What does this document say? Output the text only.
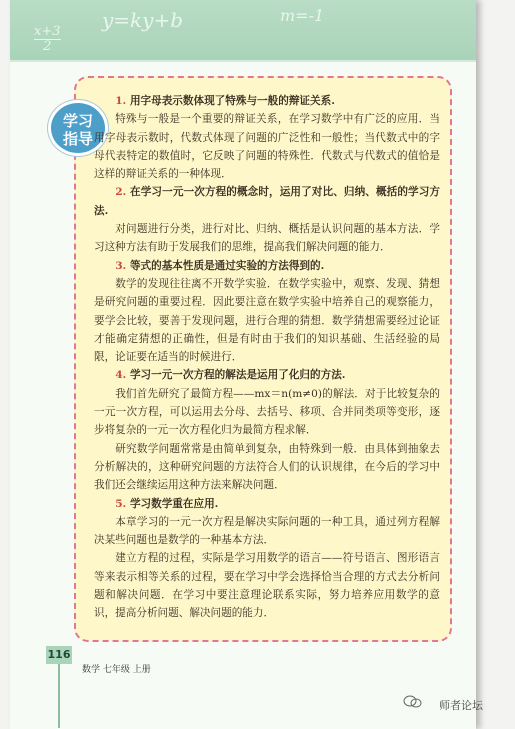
x+3
2
y=ky+b	m=-1
学习
指导

1. 用字母表示数体现了特殊与一般的辩证关系.

特殊与一般是一个重要的辩证关系，在学习数学中有广泛的应用．当用字母表示数时，代数式体现了问题的广泛性和一般性；当代数式中的字母代表特定的数值时，它反映了问题的特殊性．代数式与代数式的值恰是这样的辩证关系的一种体现．

2. 在学习一元一次方程的概念时，运用了对比、归纳、概括的学习方法.

对问题进行分类，进行对比、归纳、概括是认识问题的基本方法．学习这种方法有助于发展我们的思维，提高我们解决问题的能力．

3. 等式的基本性质是通过实验的方法得到的.

数学的发现往往离不开数学实验．在数学实验中，观察、发现、猜想是研究问题的重要过程．因此要注意在数学实验中培养自己的观察能力，要学会比较，要善于发现问题，进行合理的猜想．数学猜想需要经过论证才能确定猜想的正确性，但是有时由于我们的知识基础、生活经验的局限，论证要在适当的时候进行．

4. 学习一元一次方程的解法是运用了化归的方法.

我们首先研究了最简方程——mx＝n(m≠0)的解法．对于比较复杂的一元一次方程，可以运用去分母、去括号、移项、合并同类项等变形，逐步将复杂的一元一次方程化归为最简方程求解．

研究数学问题常常是由简单到复杂，由特殊到一般．由具体到抽象去分析解决的，这种研究问题的方法符合人们的认识规律，在今后的学习中我们还会继续运用这种方法来解决问题．

5. 学习数学重在应用.

本章学习的一元一次方程是解决实际问题的一种工具，通过列方程解决某些问题也是数学的一种基本方法．

建立方程的过程，实际是学习用数学的语言——符号语言、图形语言等来表示相等关系的过程，要在学习中学会选择恰当合理的方式去分析问题和解决问题．在学习中要注意理论联系实际，努力培养应用数学的意识，提高分析问题、解决问题的能力．

116
数学 七年级 上册
师者论坛
